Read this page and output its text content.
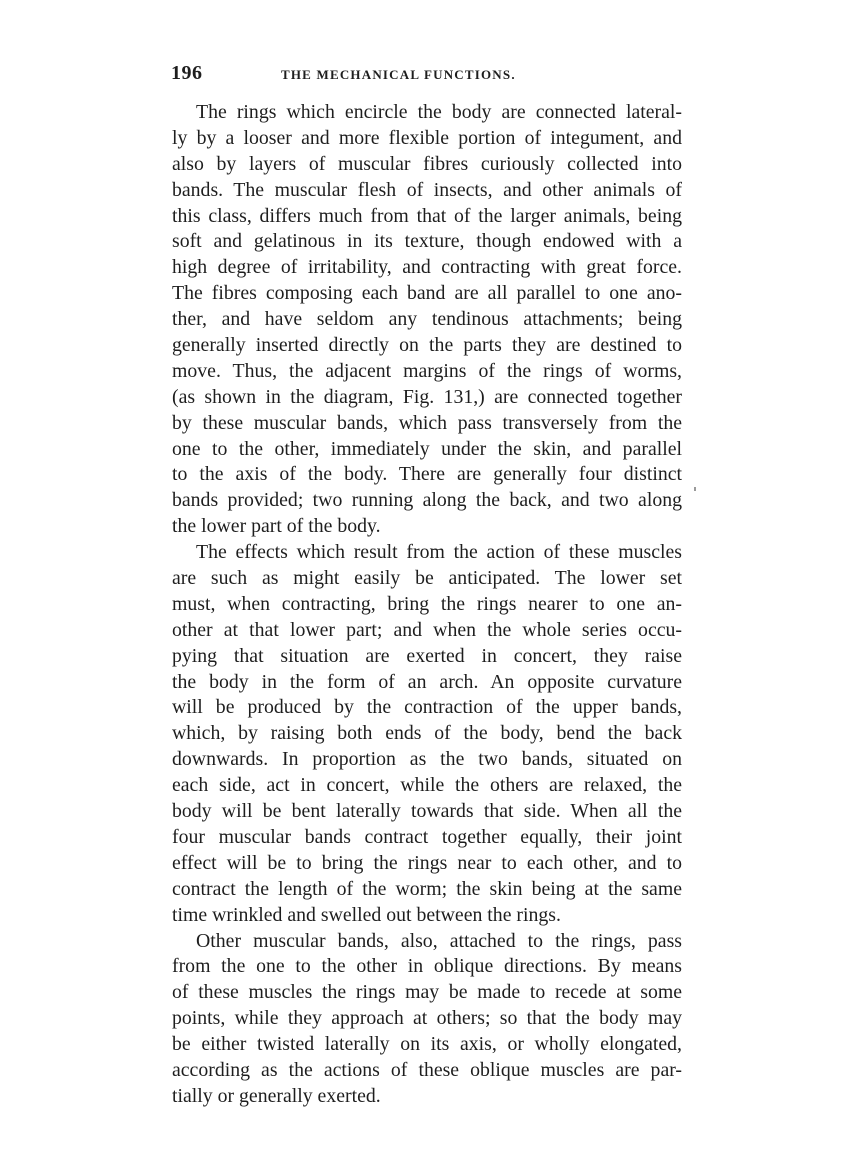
196	THE MECHANICAL FUNCTIONS.
The rings which encircle the body are connected lateral-
ly by a looser and more flexible portion of integument, and
also by layers of muscular fibres curiously collected into
bands. The muscular flesh of insects, and other animals of
this class, differs much from that of the larger animals, being
soft and gelatinous in its texture, though endowed with a
high degree of irritability, and contracting with great force.
The fibres composing each band are all parallel to one ano-
ther, and have seldom any tendinous attachments; being
generally inserted directly on the parts they are destined to
move. Thus, the adjacent margins of the rings of worms,
(as shown in the diagram, Fig. 131,) are connected together
by these muscular bands, which pass transversely from the
one to the other, immediately under the skin, and parallel
to the axis of the body. There are generally four distinct
bands provided; two running along the back, and two along
the lower part of the body.
The effects which result from the action of these muscles
are such as might easily be anticipated. The lower set
must, when contracting, bring the rings nearer to one an-
other at that lower part; and when the whole series occu-
pying that situation are exerted in concert, they raise
the body in the form of an arch. An opposite curvature
will be produced by the contraction of the upper bands,
which, by raising both ends of the body, bend the back
downwards. In proportion as the two bands, situated on
each side, act in concert, while the others are relaxed, the
body will be bent laterally towards that side. When all the
four muscular bands contract together equally, their joint
effect will be to bring the rings near to each other, and to
contract the length of the worm; the skin being at the same
time wrinkled and swelled out between the rings.
Other muscular bands, also, attached to the rings, pass
from the one to the other in oblique directions. By means
of these muscles the rings may be made to recede at some
points, while they approach at others; so that the body may
be either twisted laterally on its axis, or wholly elongated,
according as the actions of these oblique muscles are par-
tially or generally exerted.
